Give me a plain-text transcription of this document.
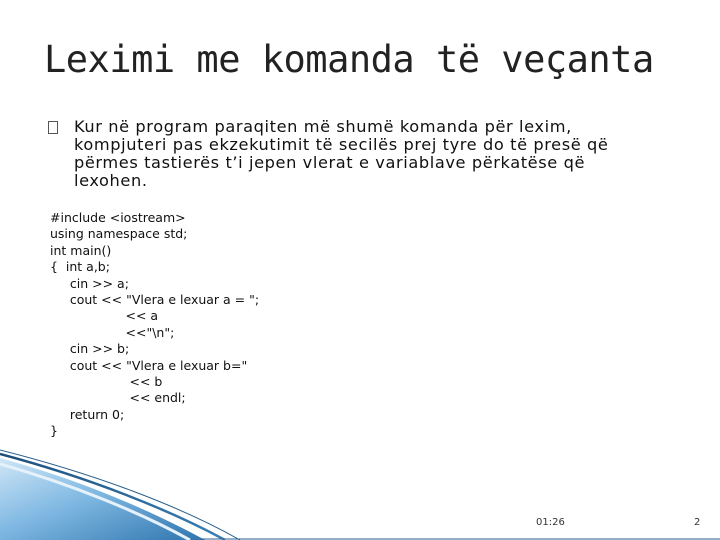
Leximi me komanda të veçanta
Kur në program paraqiten më shumë komanda për lexim, kompjuteri pas ekzekutimit të secilës prej tyre do të presë që përmes tastierës t’i jepen vlerat e variablave përkatëse që lexohen.
#include <iostream>
using namespace std;
int main()
{  int a,b;
cin >> a;
cout << "Vlera e lexuar a = ";
<< a
<<"\n";
cin >> b;
cout << "Vlera e lexuar b="
<< b
<< endl;
return 0;
}
01:26	2
